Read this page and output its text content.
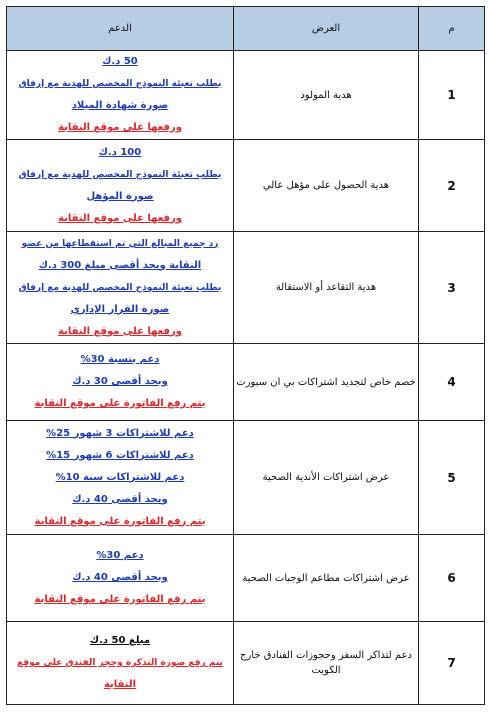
م	العرض	الدعم
1	هدية المولود	50 د.ك
بطلب تعبئة النموذج المخصص للهدية مع إرفاق
صورة شهادة الميلاد
ورفعها على موقع النقابة

2	هدية الحصول على مؤهل عالي	100 د.ك
بطلب تعبئة النموذج المخصص للهدية مع إرفاق
صورة المؤهل
ورفعها على موقع النقابة

3	هدية التقاعد أو الاستقالة	رد جميع المبالغ التي تم استقطاعها من عضو
النقابة وبحد أقصى مبلغ 300 د.ك
بطلب تعبئة النموذج المخصص للهدية مع إرفاق
صورة القرار الإداري
ورفعها على موقع النقابة

4	خصم خاص لتجديد اشتراكات بي ان سبورت	دعم بنسبة 30%
وبحد أقصى 30 د.ك
يتم رفع الفاتورة على موقع النقابة

5	عرض اشتراكات الأندية الصحية	دعم للاشتراكات 3 شهور 25%
دعم للاشتراكات 6 شهور 15%
دعم للاشتراكات سنة 10%
وبحد أقصى 40 د.ك
يتم رفع الفاتورة على موقع النقابة

6	عرض اشتراكات مطاعم الوجبات الصحية	دعم 30%
وبحد أقصى 40 د.ك
يتم رفع الفاتورة على موقع النقابة

7	دعم لتذاكر السفر وحجوزات الفنادق خارج الكويت	مبلغ 50 د.ك
يتم رفع صورة التذكرة وحجز الفندق على موقع
النقابة
